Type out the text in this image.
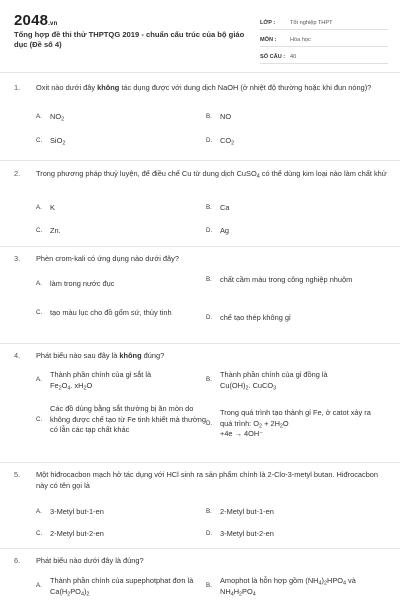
2048.vn
Tổng hợp đề thi thử THPTQG 2019 - chuẩn cấu trúc của bộ giáo dục (Đề số 4)
LỚP :	Tốt nghiệp THPT
MÔN :	Hóa học
SỐ CÂU : 40
1.	Oxit nào dưới đây không tác dụng được với dung dịch NaOH (ở nhiệt độ thường hoặc khi đun nóng)?
A.	$NO_2$	B.	NO
C.	SiO$_2$	D.	$CO_2$
2.	Trong phương pháp thuỷ luyện, để điều chế Cu từ dung dịch CuSO$_4$ có thể dùng kim loại nào làm chất khử
A.	K	B.	Ca
C.	Zn.	D.	Ag
3.	Phèn crom-kali có ứng dụng nào dưới đây?
A.	làm trong nước đục	B.	chất cầm màu trong công nghiệp nhuộm
C.	tạo màu lục cho đồ gốm sứ, thủy tinh
D.	chế tạo thép không gỉ
4.	Phát biểu nào sau đây là không đúng?
A.
Thành phần chính của gỉ sắt là
$Fe_2O_4$. $xH_2O$
B.
Thành phần chính của gỉ đồng là
$Cu(OH)_2$. CuCO$_3$
C.
Các đồ dùng bằng sắt thường bị ăn mòn do không được chế tạo từ Fe tinh khiết mà thường có lẫn các tạp chất khác
D.
Trong quá trình tạo thành gỉ Fe, ở catot xảy ra quá trình: $O_2 + 2H_2O$
+4e → 4OH⁻
5.	Một hiđrocacbon mạch hở tác dụng với HCl sinh ra sản phẩm chính là 2-Clo-3-metyl butan. Hiđrocacbon này có tên gọi là
A.	3-Metyl but-1-en	B.	2-Metyl but-1-en
C.	2-Metyl but-2-en	D.	3-Metyl but-2-en
6.	Phát biểu nào dưới đây là đúng?
A.
Thành phần chính của supephotphat đơn là $Ca(H_2PO_4)_2$
B.
Amophot là hỗn hợp gồm $(NH_4)_2HPO_4$ và $NH_4H_2PO_4$
